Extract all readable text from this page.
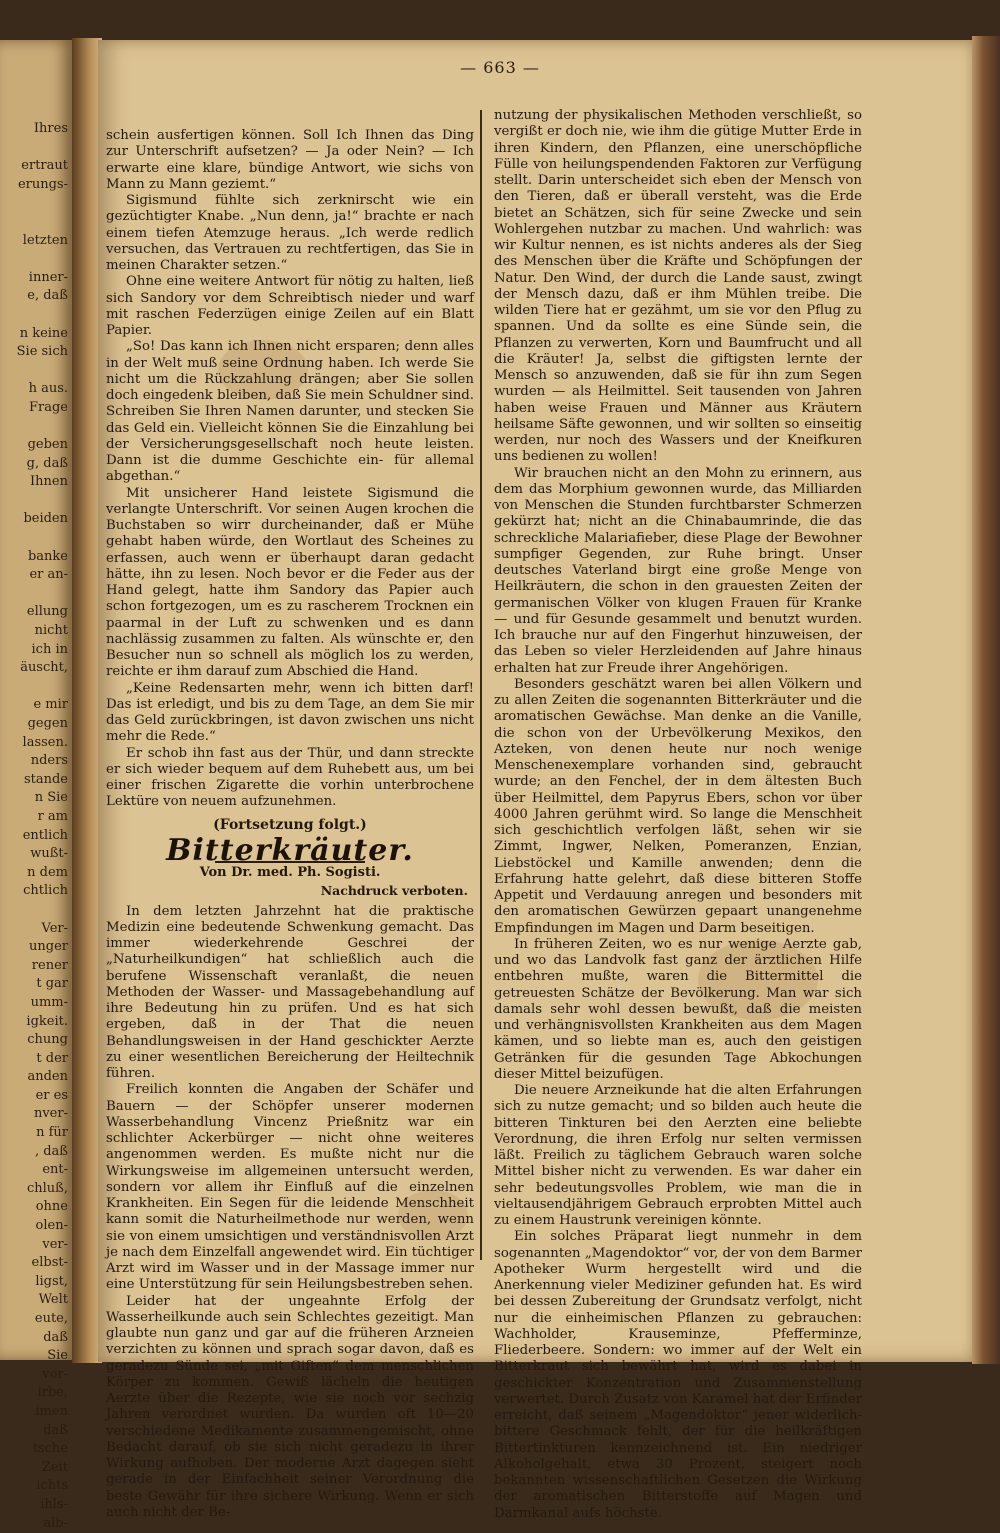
Ihres

ertraut
erungs-

letzten

inner-
e, daß

n keine
Sie sich

h aus.
Frage

geben
g, daß
Ihnen

beiden

banke
er an-

ellung
nicht
ich in
äuscht,

e mir
gegen
lassen.
nders
stande
n Sie
r am
entlich
wußt-
n dem
chtlich

Ver-
unger
rener
t gar
umm-
igkeit.
chung
t der
anden
er es
nver-
n für
, daß
ent-
chluß,
ohne
olen-
ver-
elbst-
ligst,
Welt
eute,
daß
Sie
vor-
irbe,
imen
daß
tsche
Zeit
ichts
ihls-
alb-
— 663 —

schein ausfertigen können. Soll Ich Ihnen das Ding zur Unterschrift aufsetzen? — Ja oder Nein? — Ich erwarte eine klare, bündige Antwort, wie sichs von Mann zu Mann geziemt.“

Sigismund fühlte sich zerknirscht wie ein gezüchtigter Knabe. „Nun denn, ja!“ brachte er nach einem tiefen Atemzuge heraus. „Ich werde redlich versuchen, das Vertrauen zu rechtfertigen, das Sie in meinen Charakter setzen.“

Ohne eine weitere Antwort für nötig zu halten, ließ sich Sandory vor dem Schreibtisch nieder und warf mit raschen Federzügen einige Zeilen auf ein Blatt Papier.

„So! Das kann ich Ihnen nicht ersparen; denn alles in der Welt muß seine Ordnung haben. Ich werde Sie nicht um die Rückzahlung drängen; aber Sie sollen doch eingedenk bleiben, daß Sie mein Schuldner sind. Schreiben Sie Ihren Namen darunter, und stecken Sie das Geld ein. Vielleicht können Sie die Einzahlung bei der Versicherungsgesellschaft noch heute leisten. Dann ist die dumme Geschichte ein- für allemal abgethan.“

Mit unsicherer Hand leistete Sigismund die verlangte Unterschrift. Vor seinen Augen krochen die Buchstaben so wirr durcheinander, daß er Mühe gehabt haben würde, den Wortlaut des Scheines zu erfassen, auch wenn er überhaupt daran gedacht hätte, ihn zu lesen. Noch bevor er die Feder aus der Hand gelegt, hatte ihm Sandory das Papier auch schon fortgezogen, um es zu rascherem Trocknen ein paarmal in der Luft zu schwenken und es dann nachlässig zusammen zu falten. Als wünschte er, den Besucher nun so schnell als möglich los zu werden, reichte er ihm darauf zum Abschied die Hand.

„Keine Redensarten mehr, wenn ich bitten darf! Das ist erledigt, und bis zu dem Tage, an dem Sie mir das Geld zurückbringen, ist davon zwischen uns nicht mehr die Rede.“

Er schob ihn fast aus der Thür, und dann streckte er sich wieder bequem auf dem Ruhebett aus, um bei einer frischen Zigarette die vorhin unterbrochene Lektüre von neuem aufzunehmen.

(Fortsetzung folgt.)
Bitterkräuter.
Von Dr. med. Ph. Sogisti.
Nachdruck verboten.

In dem letzten Jahrzehnt hat die praktische Medizin eine bedeutende Schwenkung gemacht. Das immer wiederkehrende Geschrei der „Naturheilkundigen“ hat schließlich auch die berufene Wissenschaft veranlaßt, die neuen Methoden der Wasser- und Massagebehandlung auf ihre Bedeutung hin zu prüfen. Und es hat sich ergeben, daß in der That die neuen Behandlungsweisen in der Hand geschickter Aerzte zu einer wesentlichen Bereicherung der Heiltechnik führen.

Freilich konnten die Angaben der Schäfer und Bauern — der Schöpfer unserer modernen Wasserbehandlung Vincenz Prießnitz war ein schlichter Ackerbürger — nicht ohne weiteres angenommen werden. Es mußte nicht nur die Wirkungsweise im allgemeinen untersucht werden, sondern vor allem ihr Einfluß auf die einzelnen Krankheiten. Ein Segen für die leidende Menschheit kann somit die Naturheilmethode nur werden, wenn sie von einem umsichtigen und verständnisvollen Arzt je nach dem Einzelfall angewendet wird. Ein tüchtiger Arzt wird im Wasser und in der Massage immer nur eine Unterstützung für sein Heilungsbestreben sehen.

Leider hat der ungeahnte Erfolg der Wasserheilkunde auch sein Schlechtes gezeitigt. Man glaubte nun ganz und gar auf die früheren Arzneien verzichten zu können und sprach sogar davon, daß es geradezu Sünde sei, „mit Giften“ dem menschlichen Körper zu kommen. Gewiß lächeln die heutigen Aerzte über die Rezepte, wie sie noch vor sechzig Jahren verordnet wurden. Da wurden oft 10—20 verschiedene Medikamente zusammengemischt, ohne Bedacht darauf, ob sie sich nicht geradezu in ihrer Wirkung aufhoben. Der moderne Arzt dagegen sieht gerade in der Einfachheit seiner Verordnung die beste Gewähr für ihre sichere Wirkung. Wenn er sich auch nicht der Be-

nutzung der physikalischen Methoden verschließt, so vergißt er doch nie, wie ihm die gütige Mutter Erde in ihren Kindern, den Pflanzen, eine unerschöpfliche Fülle von heilungspendenden Faktoren zur Verfügung stellt. Darin unterscheidet sich eben der Mensch von den Tieren, daß er überall versteht, was die Erde bietet an Schätzen, sich für seine Zwecke und sein Wohlergehen nutzbar zu machen. Und wahrlich: was wir Kultur nennen, es ist nichts anderes als der Sieg des Menschen über die Kräfte und Schöpfungen der Natur. Den Wind, der durch die Lande saust, zwingt der Mensch dazu, daß er ihm Mühlen treibe. Die wilden Tiere hat er gezähmt, um sie vor den Pflug zu spannen. Und da sollte es eine Sünde sein, die Pflanzen zu verwerten, Korn und Baumfrucht und all die Kräuter! Ja, selbst die giftigsten lernte der Mensch so anzuwenden, daß sie für ihn zum Segen wurden — als Heilmittel. Seit tausenden von Jahren haben weise Frauen und Männer aus Kräutern heilsame Säfte gewonnen, und wir sollten so einseitig werden, nur noch des Wassers und der Kneifkuren uns bedienen zu wollen!

Wir brauchen nicht an den Mohn zu erinnern, aus dem das Morphium gewonnen wurde, das Milliarden von Menschen die Stunden furchtbarster Schmerzen gekürzt hat; nicht an die Chinabaumrinde, die das schreckliche Malariafieber, diese Plage der Bewohner sumpfiger Gegenden, zur Ruhe bringt. Unser deutsches Vaterland birgt eine große Menge von Heilkräutern, die schon in den grauesten Zeiten der germanischen Völker von klugen Frauen für Kranke — und für Gesunde gesammelt und benutzt wurden. Ich brauche nur auf den Fingerhut hinzuweisen, der das Leben so vieler Herzleidenden auf Jahre hinaus erhalten hat zur Freude ihrer Angehörigen.

Besonders geschätzt waren bei allen Völkern und zu allen Zeiten die sogenannten Bitterkräuter und die aromatischen Gewächse. Man denke an die Vanille, die schon von der Urbevölkerung Mexikos, den Azteken, von denen heute nur noch wenige Menschenexemplare vorhanden sind, gebraucht wurde; an den Fenchel, der in dem ältesten Buch über Heilmittel, dem Papyrus Ebers, schon vor über 4000 Jahren gerühmt wird. So lange die Menschheit sich geschichtlich verfolgen läßt, sehen wir sie Zimmt, Ingwer, Nelken, Pomeranzen, Enzian, Liebstöckel und Kamille anwenden; denn die Erfahrung hatte gelehrt, daß diese bitteren Stoffe Appetit und Verdauung anregen und besonders mit den aromatischen Gewürzen gepaart unangenehme Empfindungen im Magen und Darm beseitigen.

In früheren Zeiten, wo es nur wenige Aerzte gab, und wo das Landvolk fast ganz der ärztlichen Hilfe entbehren mußte, waren die Bittermittel die getreuesten Schätze der Bevölkerung. Man war sich damals sehr wohl dessen bewußt, daß die meisten und verhängnisvollsten Krankheiten aus dem Magen kämen, und so liebte man es, auch den geistigen Getränken für die gesunden Tage Abkochungen dieser Mittel beizufügen.

Die neuere Arzneikunde hat die alten Erfahrungen sich zu nutze gemacht; und so bilden auch heute die bitteren Tinkturen bei den Aerzten eine beliebte Verordnung, die ihren Erfolg nur selten vermissen läßt. Freilich zu täglichem Gebrauch waren solche Mittel bisher nicht zu verwenden. Es war daher ein sehr bedeutungsvolles Problem, wie man die in vieltausendjährigem Gebrauch erprobten Mittel auch zu einem Haustrunk vereinigen könnte.

Ein solches Präparat liegt nunmehr in dem sogenannten „Magendoktor“ vor, der von dem Barmer Apotheker Wurm hergestellt wird und die Anerkennung vieler Mediziner gefunden hat. Es wird bei dessen Zubereitung der Grundsatz verfolgt, nicht nur die einheimischen Pflanzen zu gebrauchen: Wachholder, Krauseminze, Pfefferminze, Fliederbeere. Sondern: wo immer auf der Welt ein Bitterkraut sich bewährt hat, wird es dabei in geschickter Konzentration und Zusammenstellung verwertet. Durch Zusatz von Karamel hat der Erfinder erreicht, daß seinem „Magendoktor“ jener widerlich-bittere Geschmack fehlt, der für die heilkräftigen Bittertinkturen kennzeichnend ist. Ein niedriger Alkoholgehalt, etwa 30 Prozent, steigert noch bekannten wissenschaftlichen Gesetzen die Wirkung der aromatischen Bitterstoffe auf Magen und Darmkanal aufs höchste.
